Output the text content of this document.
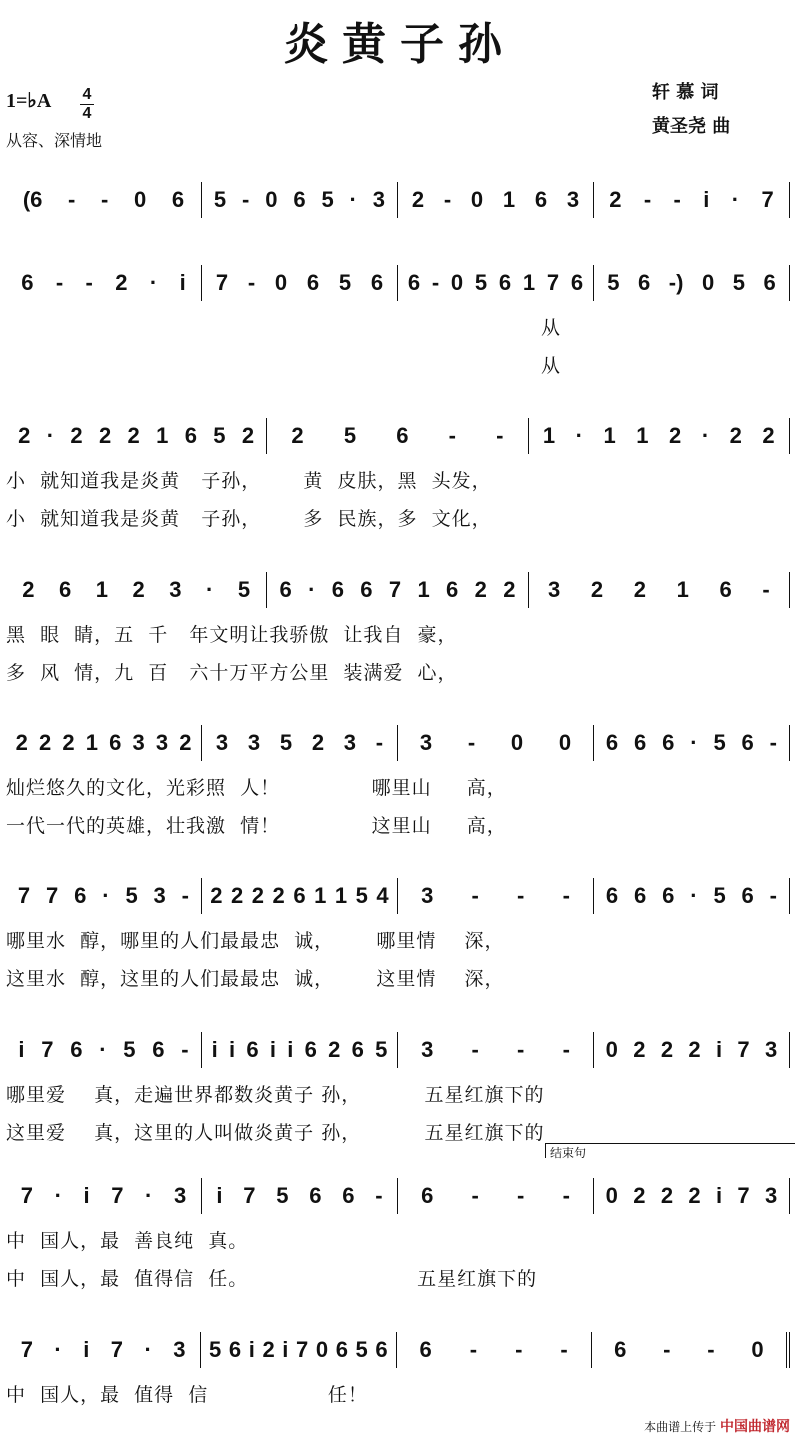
炎黄子孙
1=♭A 4
4
从容、深情地
轩 慕 词
黄圣尧 曲
(6 - - 0 6 5 - 0 6 5 · 3 2 - 0 1 6 3 2 - - i · 7
6 - - 2 · i 7 - 0 6 5 6 6 - 0 5 6 1 7 6 5 6 -) 0 5 6
从
从
2 · 2 2 2 1 6 5 2 2 5 6 - - 1 · 1 1 2 · 2 2
小  就知道我是炎黄   子孙，      黄  皮肤，黑  头发，
小  就知道我是炎黄   子孙，      多  民族，多  文化，
2 6 1 2 3 · 5 6 · 6 6 7 1 6 2 2 3 2 2 1 6 -
黑  眼  睛，五  千   年文明让我骄傲  让我自  豪，
多  风  情，九  百   六十万平方公里  装满爱  心，
2 2 2 1 6 3 3 2 3 3 5 2 3 - 3 - 0 0 6 6 6 · 5 6 -
灿烂悠久的文化，光彩照  人！             哪里山     高，
一代一代的英雄，壮我激  情！             这里山     高，
7 7 6 · 5 3 - 2 2 2 2 6 1 1 5 4 3 - - - 6 6 6 · 5 6 -
哪里水  醇，哪里的人们最最忠  诚，      哪里情    深，
这里水  醇，这里的人们最最忠  诚，      这里情    深，
i 7 6 · 5 6 - i i 6 i i 6 2 6 5 3 - - - 0 2 2 2 i 7 3
哪里爱    真，走遍世界都数炎黄子 孙，         五星红旗下的
这里爱    真，这里的人叫做炎黄子 孙，         五星红旗下的
7 · i 7 · 3 i 7 5 6 6 - 6 - - - 0 2 2 2 i 7 3
中  国人，最  善良纯  真。
中  国人，最  值得信  任。                        五星红旗下的
7 · i 7 · 3 5 6 i 2 i 7 0 6 5 6 6 - - - 6 - - 0
中  国人，最  值得  信                 任！
结束句
本曲谱上传于 中国曲谱网
